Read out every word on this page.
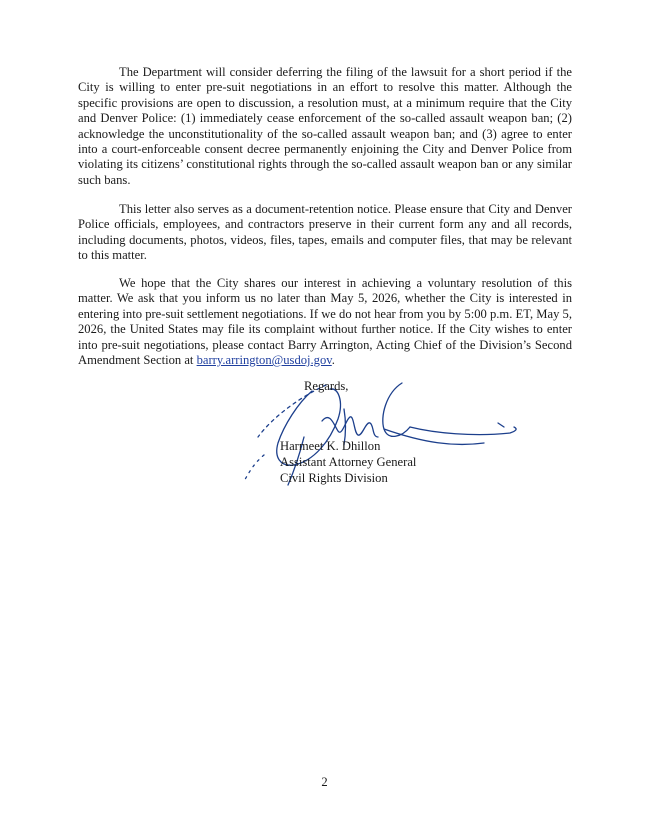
The Department will consider deferring the filing of the lawsuit for a short period if the City is willing to enter pre-suit negotiations in an effort to resolve this matter. Although the specific provisions are open to discussion, a resolution must, at a minimum require that the City and Denver Police: (1) immediately cease enforcement of the so-called assault weapon ban; (2) acknowledge the unconstitutionality of the so-called assault weapon ban; and (3) agree to enter into a court-enforceable consent decree permanently enjoining the City and Denver Police from violating its citizens’ constitutional rights through the so-called assault weapon ban or any similar such bans.

This letter also serves as a document-retention notice. Please ensure that City and Denver Police officials, employees, and contractors preserve in their current form any and all records, including documents, photos, videos, files, tapes, emails and computer files, that may be relevant to this matter.

We hope that the City shares our interest in achieving a voluntary resolution of this matter. We ask that you inform us no later than May 5, 2026, whether the City is interested in entering into pre-suit settlement negotiations. If we do not hear from you by 5:00 p.m. ET, May 5, 2026, the United States may file its complaint without further notice. If the City wishes to enter into pre-suit negotiations, please contact Barry Arrington, Acting Chief of the Division’s Second Amendment Section at barry.arrington@usdoj.gov.

Regards,
Harmeet K. Dhillon
Assistant Attorney General
Civil Rights Division
2
